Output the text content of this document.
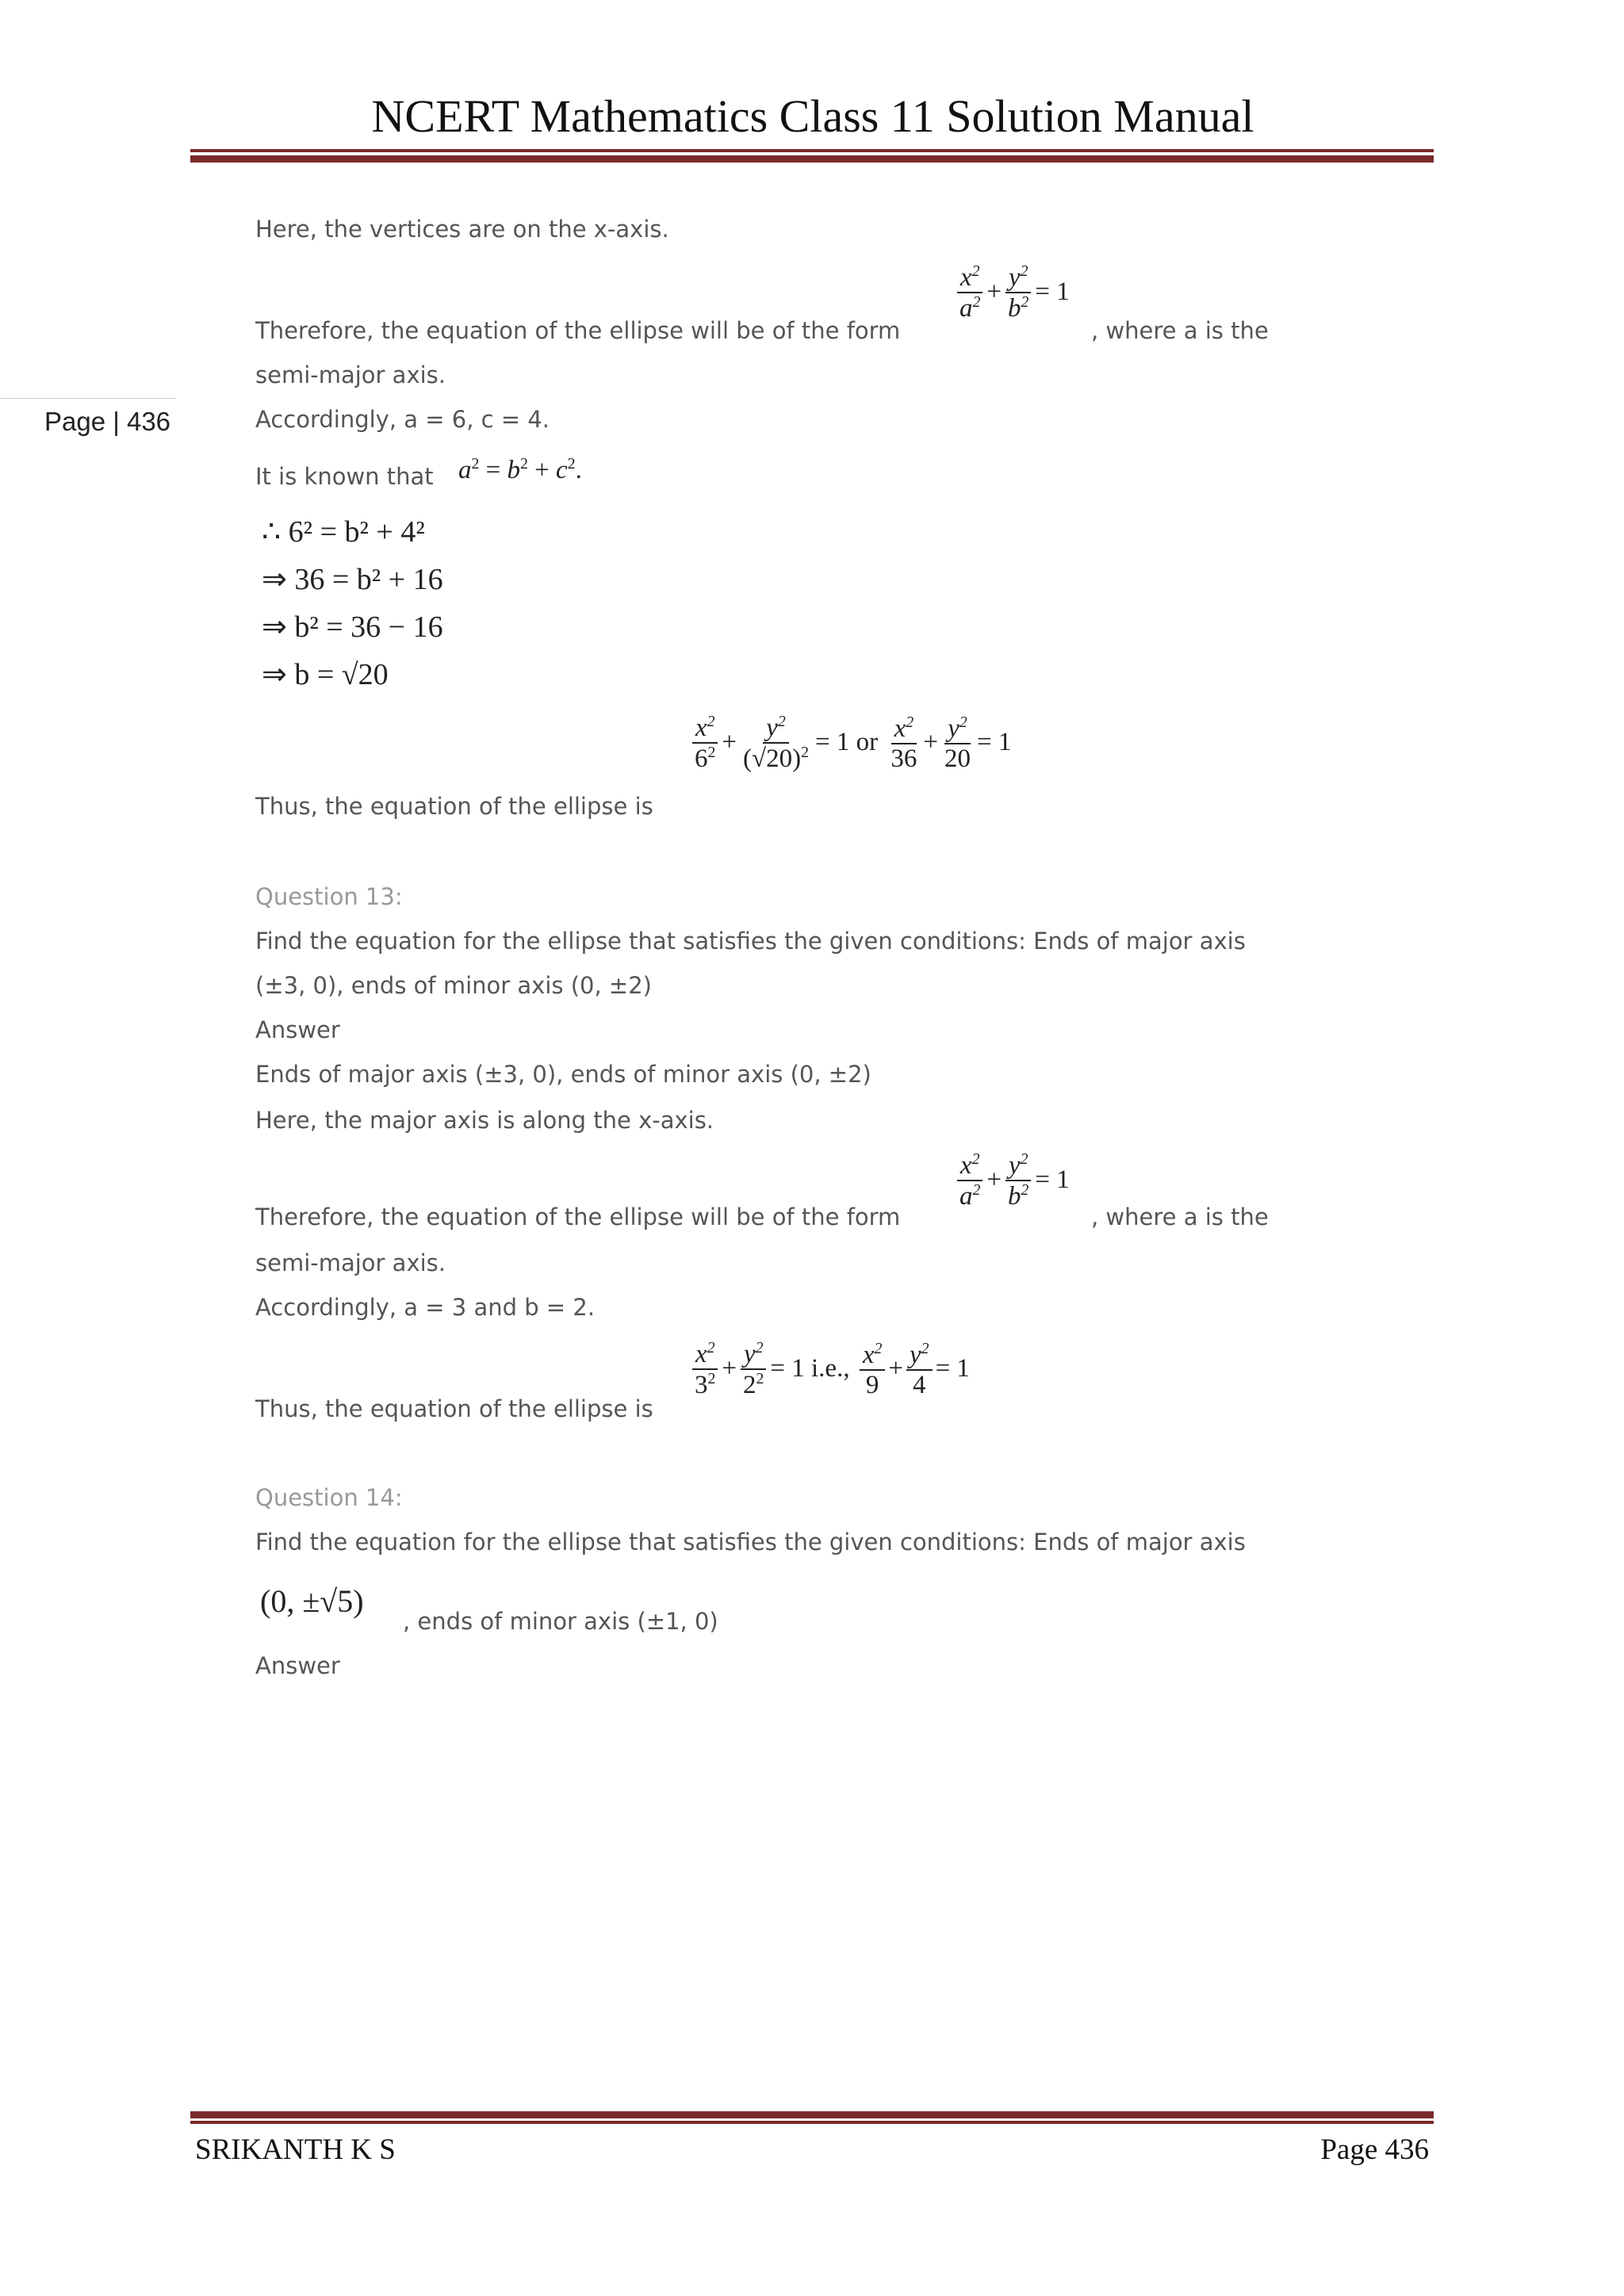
NCERT Mathematics Class 11 Solution Manual
Page | 436
Here, the vertices are on the x-axis.
$\frac{x^2}{a^2} + \frac{y^2}{b^2} = 1$
Therefore, the equation of the ellipse will be of the form	, where a is the
semi-major axis.
Accordingly, a = 6, c = 4.
It is known that $a^2 = b^2 + c^2$.
∴ 6² = b² + 4²
⇒ 36 = b² + 16
⇒ b² = 36 − 16
⇒ b = √20
$\frac{x^2}{6^2} + \frac{y^2}{(√20)^2} = 1$ or $\frac{x^2}{36} + \frac{y^2}{20} = 1$
Thus, the equation of the ellipse is
Question 13:
Find the equation for the ellipse that satisfies the given conditions: Ends of major axis
(±3, 0), ends of minor axis (0, ±2)
Answer
Ends of major axis (±3, 0), ends of minor axis (0, ±2)
Here, the major axis is along the x-axis.
$\frac{x^2}{a^2} + \frac{y^2}{b^2} = 1$
Therefore, the equation of the ellipse will be of the form	, where a is the
semi-major axis.
Accordingly, a = 3 and b = 2.
$\frac{x^2}{3^2} + \frac{y^2}{2^2} = 1$ i.e., $\frac{x^2}{9} + \frac{y^2}{4} = 1$
Thus, the equation of the ellipse is
Question 14:
Find the equation for the ellipse that satisfies the given conditions: Ends of major axis
(0, ±√5)
, ends of minor axis (±1, 0)
Answer
SRIKANTH K S	Page 436
